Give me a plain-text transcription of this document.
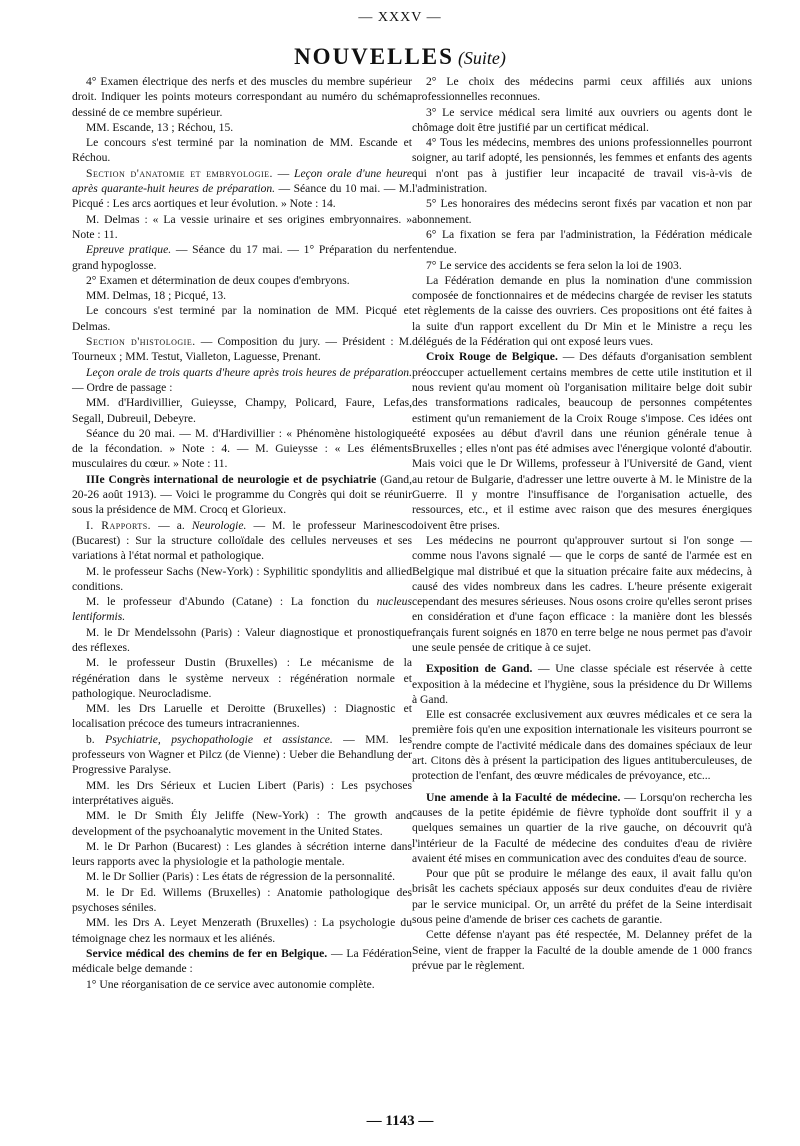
— XXXV —
NOUVELLES (Suite)

4° Examen électrique des nerfs et des muscles du membre supérieur droit. Indiquer les points moteurs correspondant au numéro du schéma dessiné de ce membre supérieur.

MM. Escande, 13 ; Réchou, 15.

Le concours s'est terminé par la nomination de MM. Escande et Réchou.

Section d'anatomie et embryologie. — Leçon orale d'une heure après quarante-huit heures de préparation. — Séance du 10 mai. — M. Picqué : Les arcs aortiques et leur évolution. » Note : 14.

M. Delmas : « La vessie urinaire et ses origines embryonnaires. » Note : 11.

Epreuve pratique. — Séance du 17 mai. — 1° Préparation du nerf grand hypoglosse.

2° Examen et détermination de deux coupes d'embryons.

MM. Delmas, 18 ; Picqué, 13.

Le concours s'est terminé par la nomination de MM. Picqué et Delmas.

Section d'histologie. — Composition du jury. — Président : M. Tourneux ; MM. Testut, Vialleton, Laguesse, Prenant.

Leçon orale de trois quarts d'heure après trois heures de préparation. — Ordre de passage :

MM. d'Hardivillier, Guieysse, Champy, Policard, Faure, Lefas, Segall, Dubreuil, Debeyre.

Séance du 20 mai. — M. d'Hardivillier : « Phénomène histologique de la fécondation. » Note : 4. — M. Guieysse : « Les éléments musculaires du cœur. » Note : 11.

IIIe Congrès international de neurologie et de psychiatrie (Gand, 20-26 août 1913). — Voici le programme du Congrès qui doit se réunir sous la présidence de MM. Crocq et Glorieux.

I. Rapports. — a. Neurologie. — M. le professeur Marinesco (Bucarest) : Sur la structure colloïdale des cellules nerveuses et ses variations à l'état normal et pathologique.

M. le professeur Sachs (New-York) : Syphilitic spondylitis and allied conditions.

M. le professeur d'Abundo (Catane) : La fonction du nucleus lentiformis.

M. le Dr Mendelssohn (Paris) : Valeur diagnostique et pronostique des réflexes.

M. le professeur Dustin (Bruxelles) : Le mécanisme de la régénération dans le système nerveux : régénération normale et pathologique. Neurocladisme.

MM. les Drs Laruelle et Deroitte (Bruxelles) : Diagnostic et localisation précoce des tumeurs intracraniennes.

b. Psychiatrie, psychopathologie et assistance. — MM. les professeurs von Wagner et Pilcz (de Vienne) : Ueber die Behandlung der Progressive Paralyse.

MM. les Drs Sérieux et Lucien Libert (Paris) : Les psychoses interprétatives aiguës.

MM. le Dr Smith Ély Jeliffe (New-York) : The growth and development of the psychoanalytic movement in the United States.

M. le Dr Parhon (Bucarest) : Les glandes à sécrétion interne dans leurs rapports avec la physiologie et la pathologie mentale.

M. le Dr Sollier (Paris) : Les états de régression de la personnalité.

M. le Dr Ed. Willems (Bruxelles) : Anatomie pathologique des psychoses séniles.

MM. les Drs A. Leyet Menzerath (Bruxelles) : La psychologie du témoignage chez les normaux et les aliénés.

Service médical des chemins de fer en Belgique. — La Fédération médicale belge demande :

1° Une réorganisation de ce service avec autonomie complète.

2° Le choix des médecins parmi ceux affiliés aux unions professionnelles reconnues.

3° Le service médical sera limité aux ouvriers ou agents dont le chômage doit être justifié par un certificat médical.

4° Tous les médecins, membres des unions professionnelles pourront soigner, au tarif adopté, les pensionnés, les femmes et enfants des agents qui n'ont pas à justifier leur incapacité de travail vis-à-vis de l'administration.

5° Les honoraires des médecins seront fixés par vacation et non par abonnement.

6° La fixation se fera par l'administration, la Fédération médicale entendue.

7° Le service des accidents se fera selon la loi de 1903.

La Fédération demande en plus la nomination d'une commission composée de fonctionnaires et de médecins chargée de reviser les statuts et règlements de la caisse des ouvriers. Ces propositions ont été faites à la suite d'un rapport excellent du Dr Min et le Ministre a reçu les délégués de la Fédération qui ont exposé leurs vues.

Croix Rouge de Belgique. — Des défauts d'organisation semblent préoccuper actuellement certains membres de cette utile institution et il nous revient qu'au moment où l'organisation militaire belge doit subir des transformations radicales, beaucoup de personnes compétentes estiment qu'un remaniement de la Croix Rouge s'impose. Ces idées ont été exposées au début d'avril dans une réunion générale tenue à Bruxelles ; elles n'ont pas été admises avec l'énergique volonté d'aboutir. Mais voici que le Dr Willems, professeur à l'Université de Gand, vient au retour de Bulgarie, d'adresser une lettre ouverte à M. le Ministre de la Guerre. Il y montre l'insuffisance de l'organisation actuelle, des ressources, etc., et il estime avec raison que des mesures énergiques doivent être prises.

Les médecins ne pourront qu'approuver surtout si l'on songe — comme nous l'avons signalé — que le corps de santé de l'armée est en Belgique mal distribué et que la situation précaire faite aux médecins, à causé des vides nombreux dans les cadres. L'heure présente exigerait cependant des mesures sérieuses. Nous osons croire qu'elles seront prises en considération et d'une façon efficace : la manière dont les blessés français furent soignés en 1870 en terre belge ne nous permet pas d'avoir une seule pensée de critique à ce sujet.

Exposition de Gand. — Une classe spéciale est réservée à cette exposition à la médecine et l'hygiène, sous la présidence du Dr Willems à Gand.

Elle est consacrée exclusivement aux œuvres médicales et ce sera la première fois qu'en une exposition internationale les visiteurs pourront se rendre compte de l'activité médicale dans des domaines spéciaux de leur art. Citons dès à présent la participation des ligues antituberculeuses, de protection de l'enfant, des œuvre médicales de prévoyance, etc...

Une amende à la Faculté de médecine. — Lorsqu'on recherchа les causes de la petite épidémie de fièvre typhoïde dont souffrit il y a quelques semaines un quartier de la rive gauche, on découvrit qu'à l'intérieur de la Faculté de médecine des conduites d'eau de rivière avaient été mises en communication avec des conduites d'eau de source.

Pour que pût se produire le mélange des eaux, il avait fallu qu'on brisât les cachets spéciaux apposés sur deux conduites d'eau de rivière par le service municipal. Or, un arrêté du préfet de la Seine interdisait sous peine d'amende de briser ces cachets de garantie.

Cette défense n'ayant pas été respectée, M. Delanney préfet de la Seine, vient de frapper la Faculté de la double amende de 1 000 francs prévue par le règlement.

— 1143 —
